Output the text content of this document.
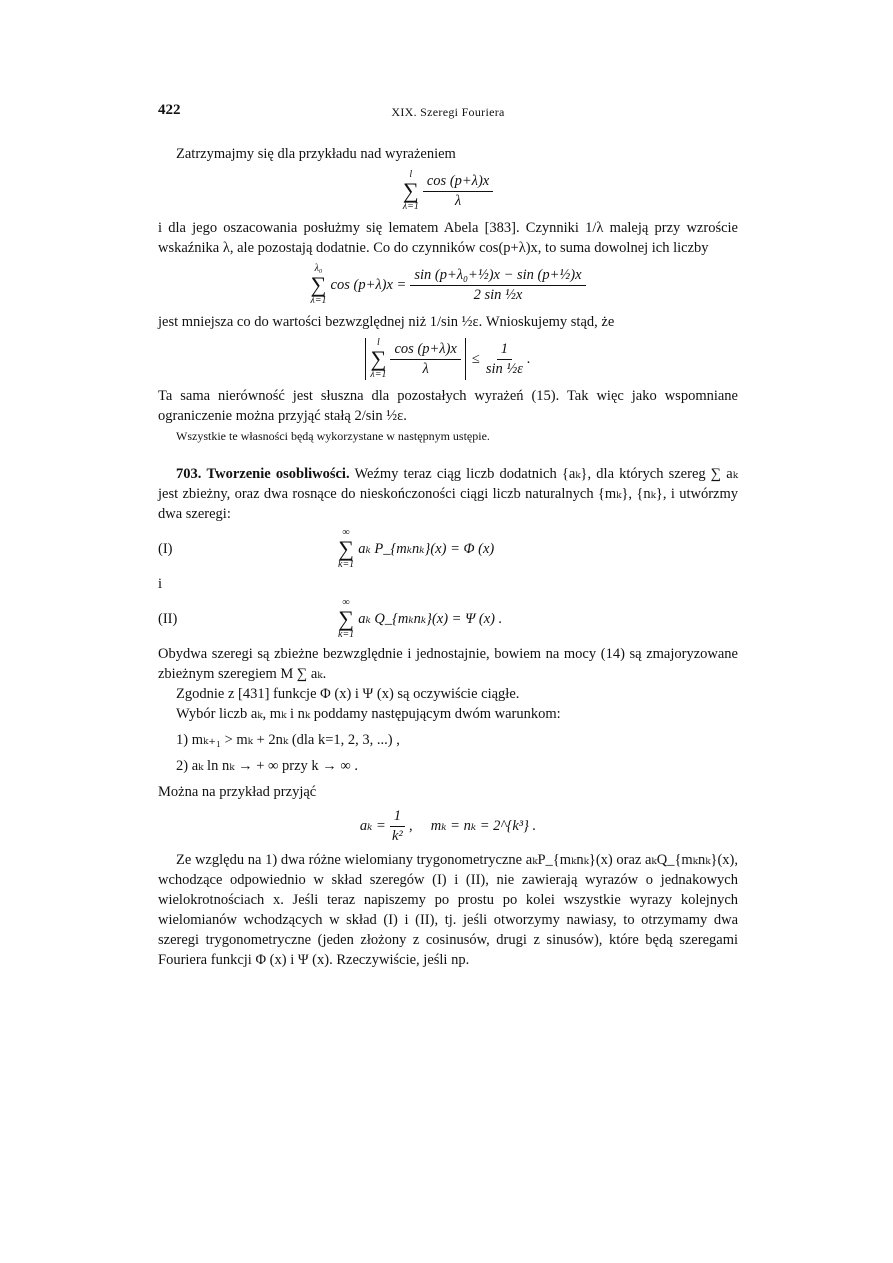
422	XIX. Szeregi Fouriera

Zatrzymajmy się dla przykładu nad wyrażeniem

l
∑
$\lambda=1 \frac{\cos (p+\lambda)x}{\lambda}$

i dla jego oszacowania posłużmy się lematem Abela [383]. Czynniki 1/λ maleją przy wzroście wskaźnika λ, ale pozostają dodatnie. Co do czynników cos(p+λ)x, to suma dowolnej ich liczby

λ₀
∑
λ=1
$\cos (p+\lambda)x = \frac{\text{sin (p+λ₀+½)x − sin (p+½)x}}{\text{2 sin ½x}}$

jest mniejsza co do wartości bezwzględnej niż 1/sin ½ε. Wnioskujemy stąd, że

l
∑
$\lambda=1 \frac{\cos (p+\lambda)x}{\lambda} \le \frac{1}{\text{sin ½ε}}$ .

Ta sama nierówność jest słuszna dla pozostałych wyrażeń (15). Tak więc jako wspomniane ograniczenie można przyjąć stałą 2/sin ½ε.

Wszystkie te własności będą wykorzystane w następnym ustępie.

703. Tworzenie osobliwości. Weźmy teraz ciąg liczb dodatnich {aₖ}, dla których szereg ∑ aₖ jest zbieżny, oraz dwa rosnące do nieskończoności ciągi liczb naturalnych {mₖ}, {nₖ}, i utwórzmy dwa szeregi:

(I)
∞
∑
k=1
aₖ P_{mₖnₖ}(x) = Φ (x)

i

(II)
∞
∑
k=1
aₖ Q_{mₖnₖ}(x) = Ψ (x) .

Obydwa szeregi są zbieżne bezwzględnie i jednostajnie, bowiem na mocy (14) są zmajoryzowane zbieżnym szeregiem M ∑ aₖ.

Zgodnie z [431] funkcje Φ (x) i Ψ (x) są oczywiście ciągłe.

Wybór liczb aₖ, mₖ i nₖ poddamy następującym dwóm warunkom:

1) mₖ₊₁ > mₖ + 2nₖ (dla k=1, 2, 3, ...) ,

2) aₖ ln nₖ → + ∞ przy k → ∞ .

Można na przykład przyjąć

$a_k = \frac{1}{\text{k²}}$ ,     mₖ = nₖ = 2^{k³} .

Ze względu na 1) dwa różne wielomiany trygonometryczne aₖP_{mₖnₖ}(x) oraz aₖQ_{mₖnₖ}(x), wchodzące odpowiednio w skład szeregów (I) i (II), nie zawierają wyrazów o jednakowych wielokrotnościach x. Jeśli teraz napiszemy po prostu po kolei wszystkie wyrazy kolejnych wielomianów wchodzących w skład (I) i (II), tj. jeśli otworzymy nawiasy, to otrzymamy dwa szeregi trygonometryczne (jeden złożony z cosinusów, drugi z sinusów), które będą szeregami Fouriera funkcji Φ (x) i Ψ (x). Rzeczywiście, jeśli np.
